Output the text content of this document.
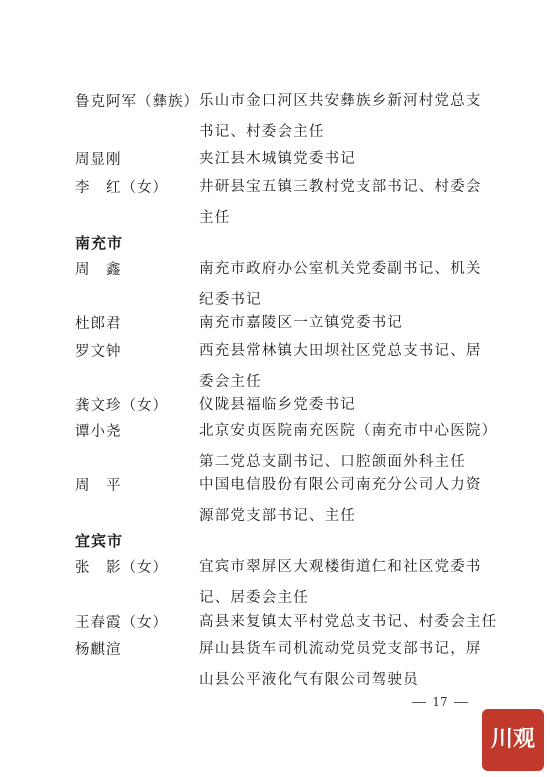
鲁克阿军（彝族） 乐山市金口河区共安彝族乡新河村党总支
书记、村委会主任
周显刚	夹江县木城镇党委书记
李　红（女） 井研县宝五镇三教村党支部书记、村委会
主任
南充市
周　鑫	南充市政府办公室机关党委副书记、机关
纪委书记
杜郎君	南充市嘉陵区一立镇党委书记
罗文钟	西充县常林镇大田坝社区党总支书记、居
委会主任
龚文珍（女） 仪陇县福临乡党委书记
谭小尧	北京安贞医院南充医院（南充市中心医院）
第二党总支副书记、口腔颌面外科主任
周　平	中国电信股份有限公司南充分公司人力资
源部党支部书记、主任
宜宾市
张　影（女） 宜宾市翠屏区大观楼街道仁和社区党委书
记、居委会主任
王春霞（女） 高县来复镇太平村党总支书记、村委会主任
杨麒渲	屏山县货车司机流动党员党支部书记，屏
山县公平液化气有限公司驾驶员
17
川观
